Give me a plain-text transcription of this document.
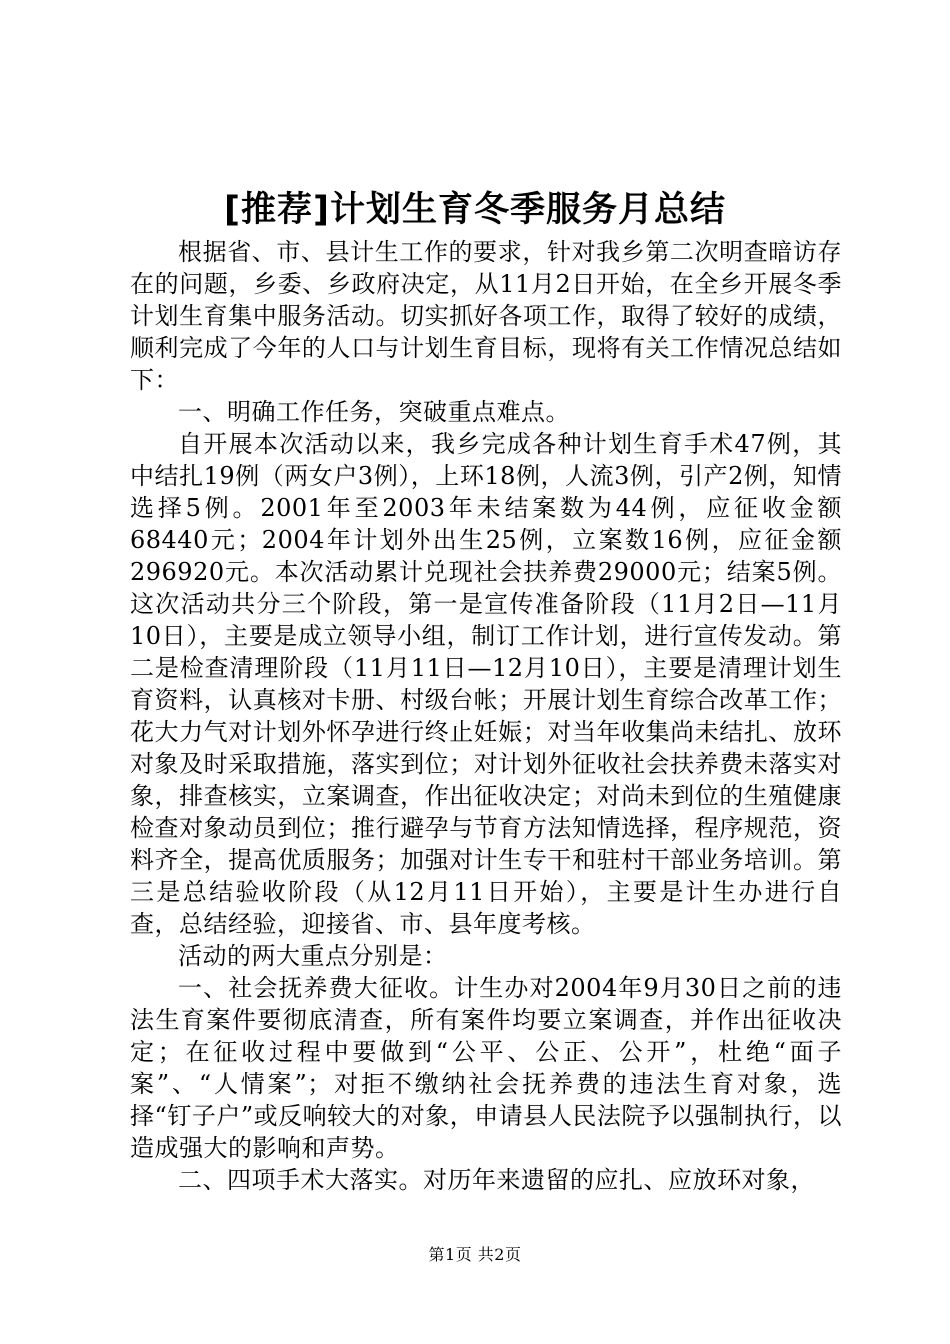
[推荐]计划生育冬季服务月总结

根据省、市、县计生工作的要求，针对我乡第二次明查暗访存在的问题，乡委、乡政府决定，从11月2日开始，在全乡开展冬季计划生育集中服务活动。切实抓好各项工作，取得了较好的成绩，顺利完成了今年的人口与计划生育目标，现将有关工作情况总结如下：

一、明确工作任务，突破重点难点。

自开展本次活动以来，我乡完成各种计划生育手术47例，其中结扎19例（两女户3例），上环18例，人流3例，引产2例，知情选择5例。2001年至2003年未结案数为44例，应征收金额68440元；2004年计划外出生25例，立案数16例，应征金额296920元。本次活动累计兑现社会扶养费29000元；结案5例。这次活动共分三个阶段，第一是宣传准备阶段（11月2日—11月10日），主要是成立领导小组，制订工作计划，进行宣传发动。第二是检查清理阶段（11月11日—12月10日），主要是清理计划生育资料，认真核对卡册、村级台帐；开展计划生育综合改革工作；花大力气对计划外怀孕进行终止妊娠；对当年收集尚未结扎、放环对象及时采取措施，落实到位；对计划外征收社会扶养费未落实对象，排查核实，立案调查，作出征收决定；对尚未到位的生殖健康检查对象动员到位；推行避孕与节育方法知情选择，程序规范，资料齐全，提高优质服务；加强对计生专干和驻村干部业务培训。第三是总结验收阶段（从12月11日开始），主要是计生办进行自查，总结经验，迎接省、市、县年度考核。

活动的两大重点分别是：

一、社会抚养费大征收。计生办对2004年9月30日之前的违法生育案件要彻底清查，所有案件均要立案调查，并作出征收决定；在征收过程中要做到“公平、公正、公开”，杜绝“面子案”、“人情案”；对拒不缴纳社会抚养费的违法生育对象，选择“钉子户”或反响较大的对象，申请县人民法院予以强制执行，以造成强大的影响和声势。

二、四项手术大落实。对历年来遗留的应扎、应放环对象，

第1页 共2页
